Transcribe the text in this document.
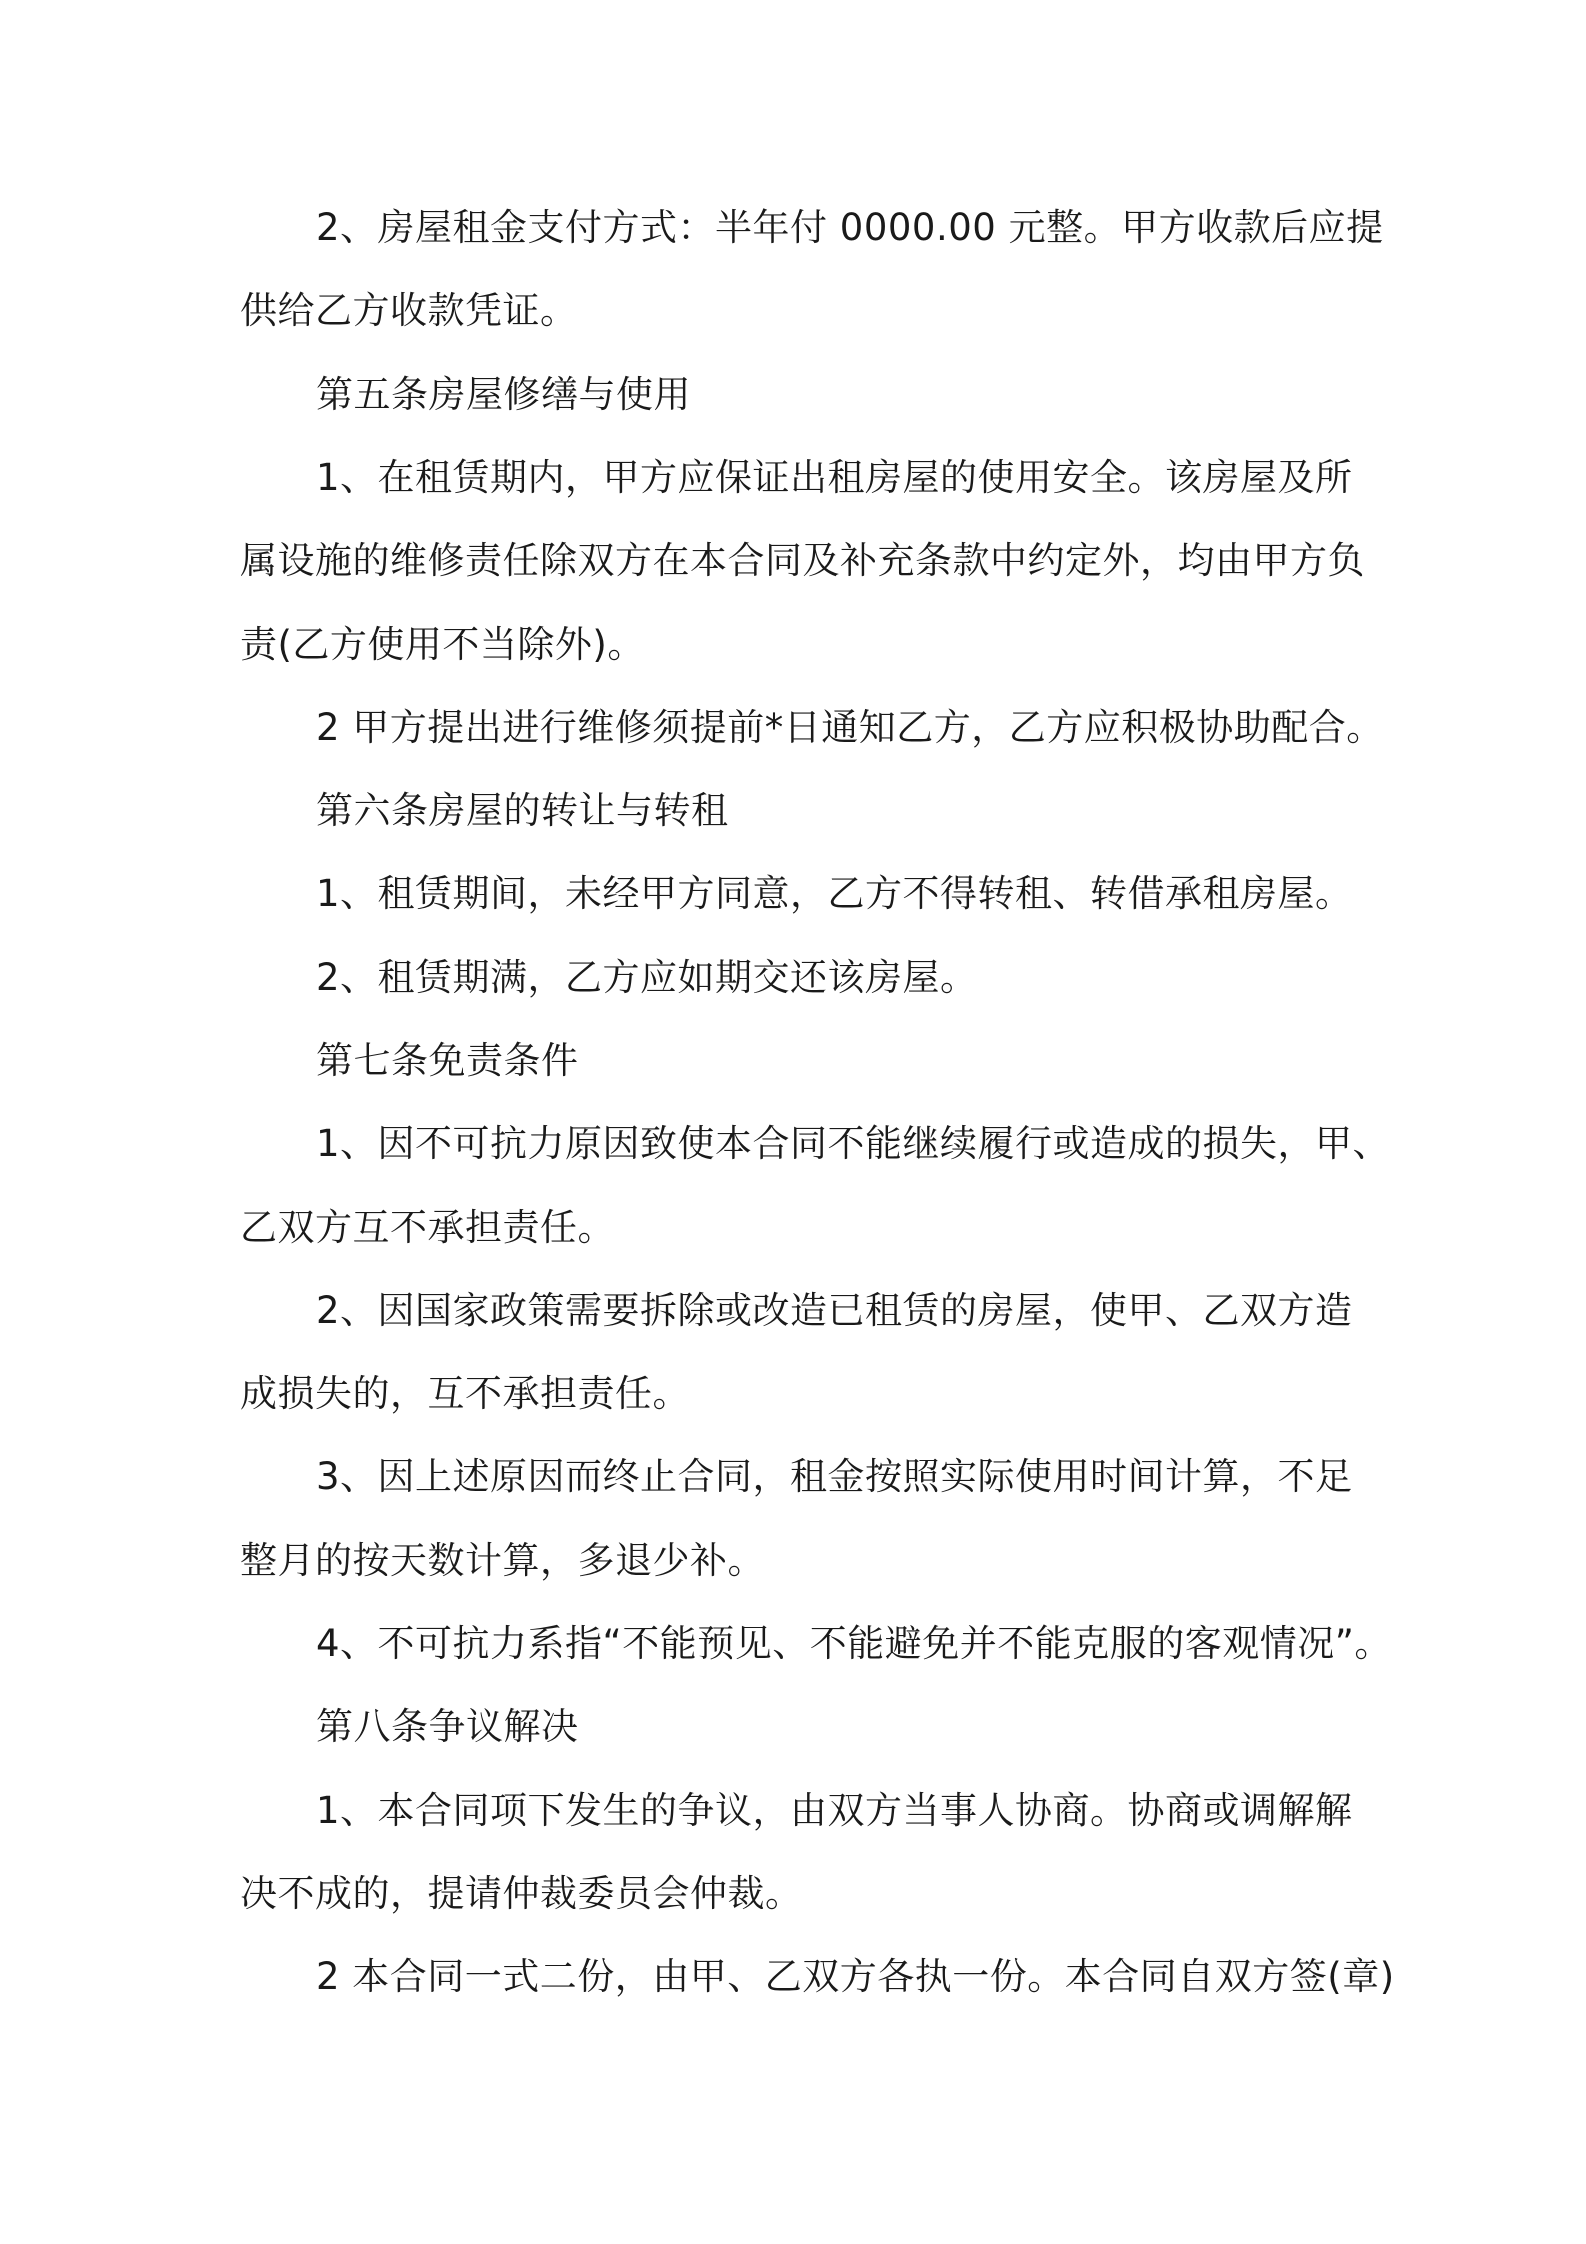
2、房屋租金支付方式：半年付 0000.00 元整。甲方收款后应提
供给乙方收款凭证。
第五条房屋修缮与使用
1、在租赁期内，甲方应保证出租房屋的使用安全。该房屋及所
属设施的维修责任除双方在本合同及补充条款中约定外，均由甲方负
责(乙方使用不当除外)。
2 甲方提出进行维修须提前*日通知乙方，乙方应积极协助配合。
第六条房屋的转让与转租
1、租赁期间，未经甲方同意，乙方不得转租、转借承租房屋。
2、租赁期满，乙方应如期交还该房屋。
第七条免责条件
1、因不可抗力原因致使本合同不能继续履行或造成的损失，甲、
乙双方互不承担责任。
2、因国家政策需要拆除或改造已租赁的房屋，使甲、乙双方造
成损失的，互不承担责任。
3、因上述原因而终止合同，租金按照实际使用时间计算，不足
整月的按天数计算，多退少补。
4、不可抗力系指“不能预见、不能避免并不能克服的客观情况”。
第八条争议解决
1、本合同项下发生的争议，由双方当事人协商。协商或调解解
决不成的，提请仲裁委员会仲裁。
2 本合同一式二份，由甲、乙双方各执一份。本合同自双方签(章)
